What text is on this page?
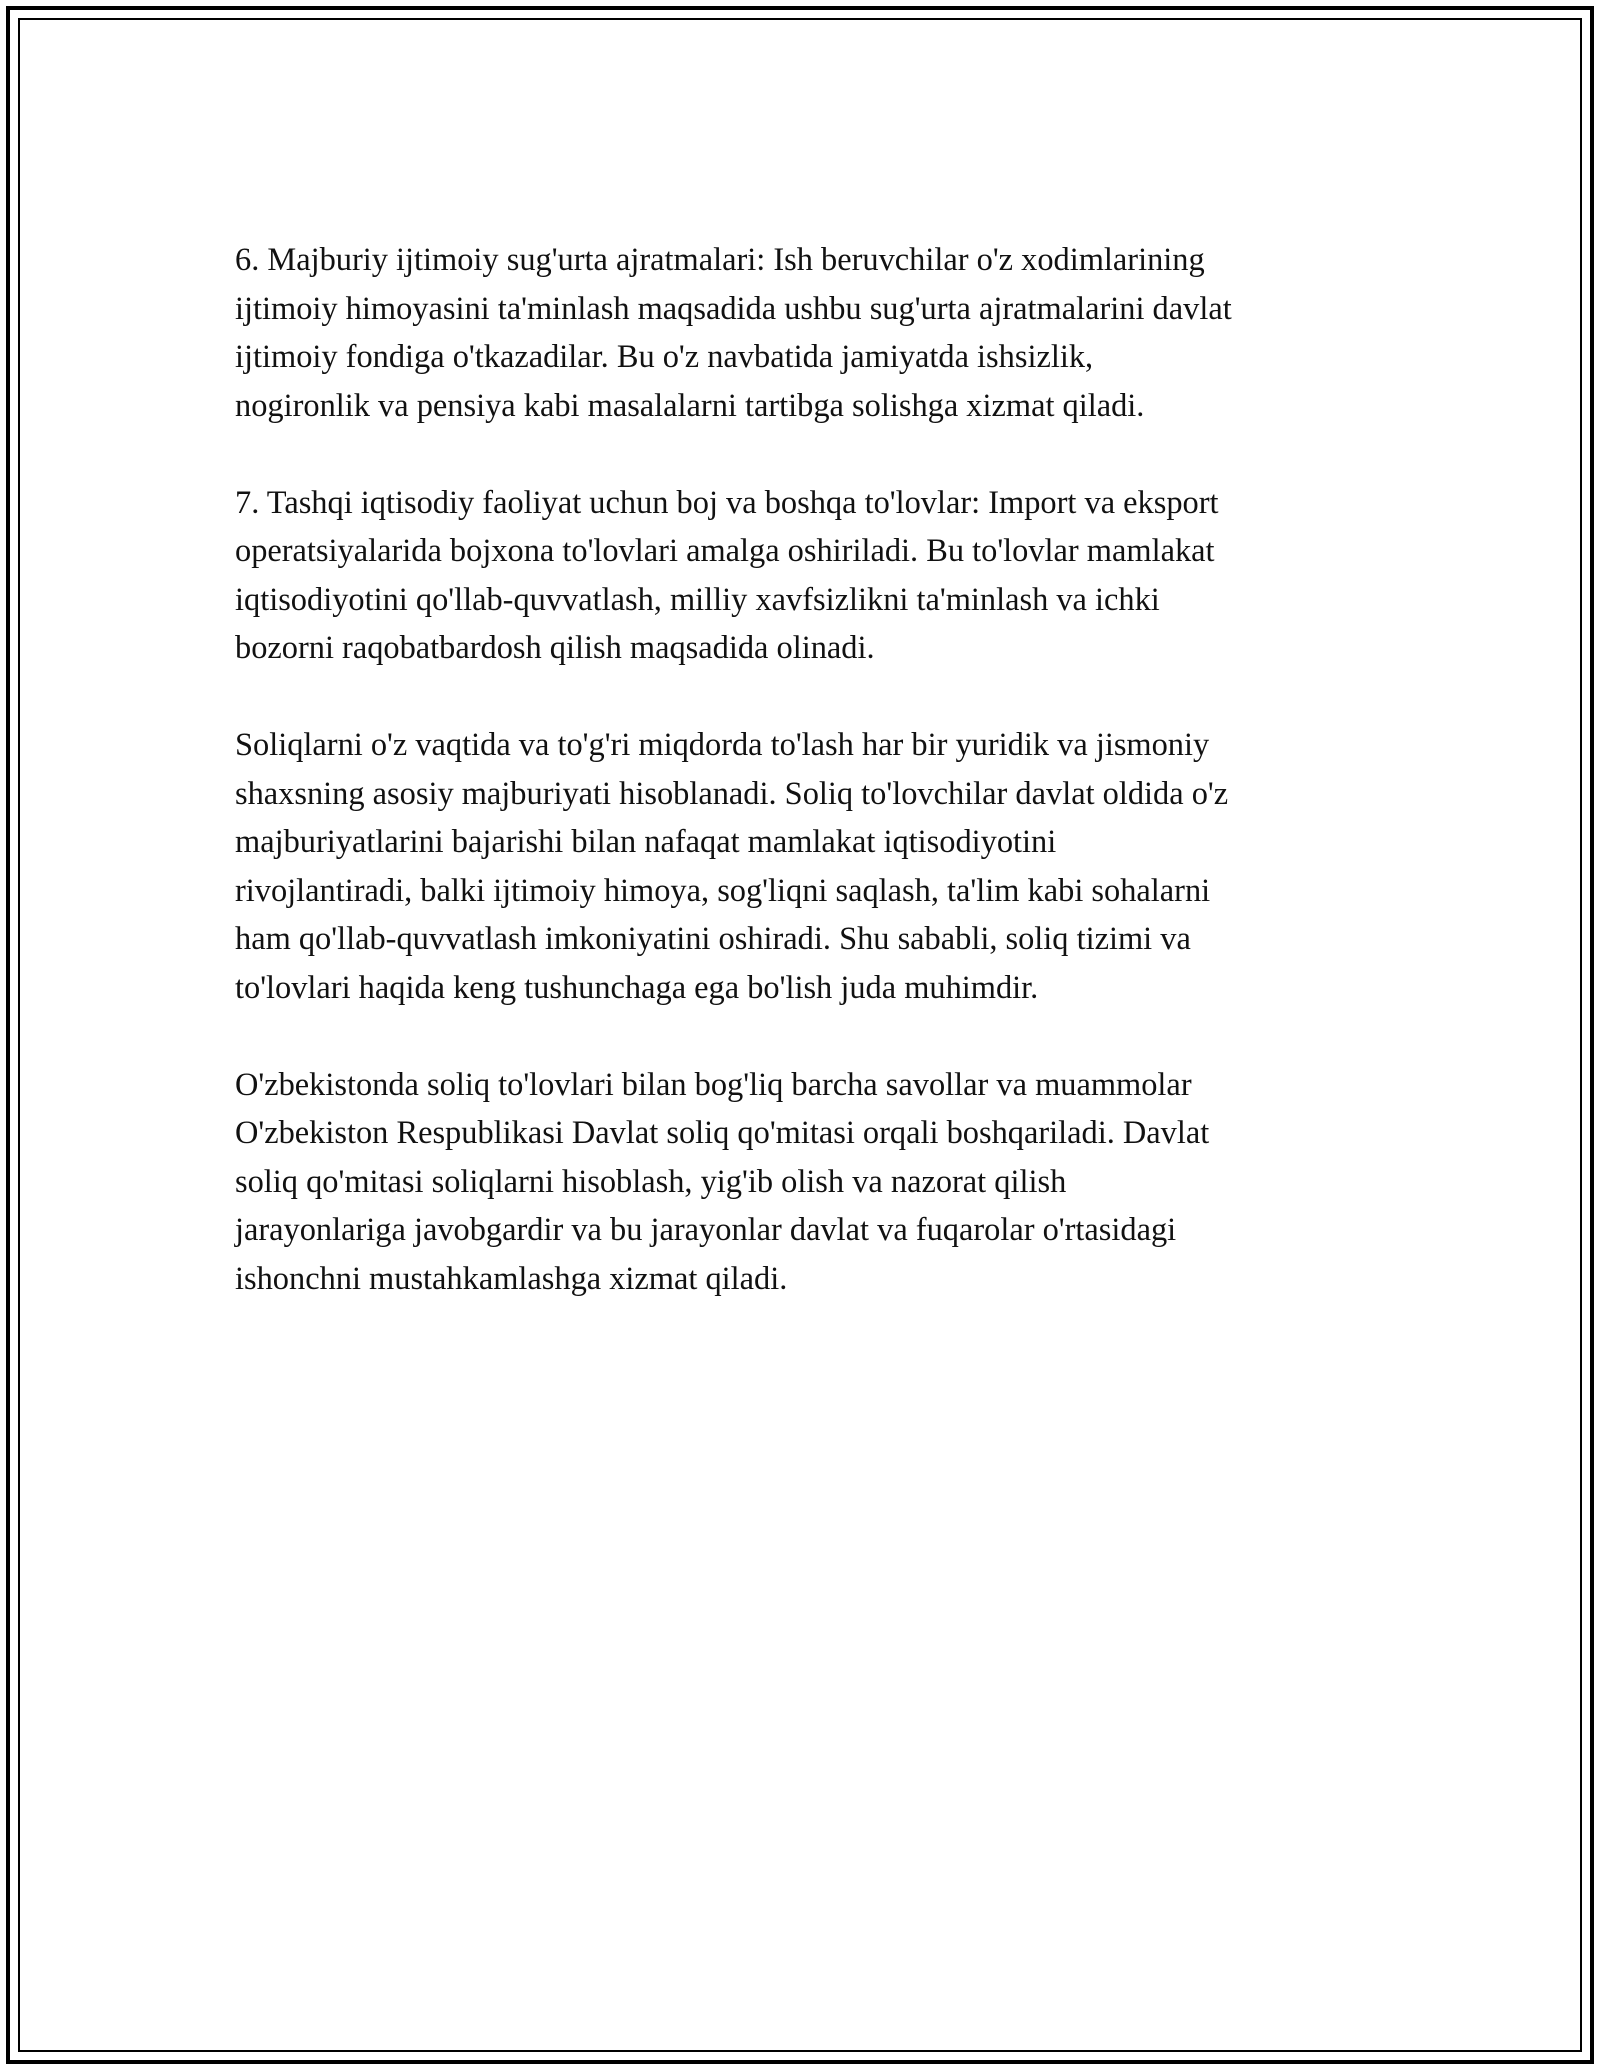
6. Majburiy ijtimoiy sug'urta ajratmalari: Ish beruvchilar o'z xodimlarining
ijtimoiy himoyasini ta'minlash maqsadida ushbu sug'urta ajratmalarini davlat
ijtimoiy fondiga o'tkazadilar. Bu o'z navbatida jamiyatda ishsizlik,
nogironlik va pensiya kabi masalalarni tartibga solishga xizmat qiladi.

7. Tashqi iqtisodiy faoliyat uchun boj va boshqa to'lovlar: Import va eksport
operatsiyalarida bojxona to'lovlari amalga oshiriladi. Bu to'lovlar mamlakat
iqtisodiyotini qo'llab-quvvatlash, milliy xavfsizlikni ta'minlash va ichki
bozorni raqobatbardosh qilish maqsadida olinadi.

Soliqlarni o'z vaqtida va to'g'ri miqdorda to'lash har bir yuridik va jismoniy
shaxsning asosiy majburiyati hisoblanadi. Soliq to'lovchilar davlat oldida o'z
majburiyatlarini bajarishi bilan nafaqat mamlakat iqtisodiyotini
rivojlantiradi, balki ijtimoiy himoya, sog'liqni saqlash, ta'lim kabi sohalarni
ham qo'llab-quvvatlash imkoniyatini oshiradi. Shu sababli, soliq tizimi va
to'lovlari haqida keng tushunchaga ega bo'lish juda muhimdir.

O'zbekistonda soliq to'lovlari bilan bog'liq barcha savollar va muammolar
O'zbekiston Respublikasi Davlat soliq qo'mitasi orqali boshqariladi. Davlat
soliq qo'mitasi soliqlarni hisoblash, yig'ib olish va nazorat qilish
jarayonlariga javobgardir va bu jarayonlar davlat va fuqarolar o'rtasidagi
ishonchni mustahkamlashga xizmat qiladi.
